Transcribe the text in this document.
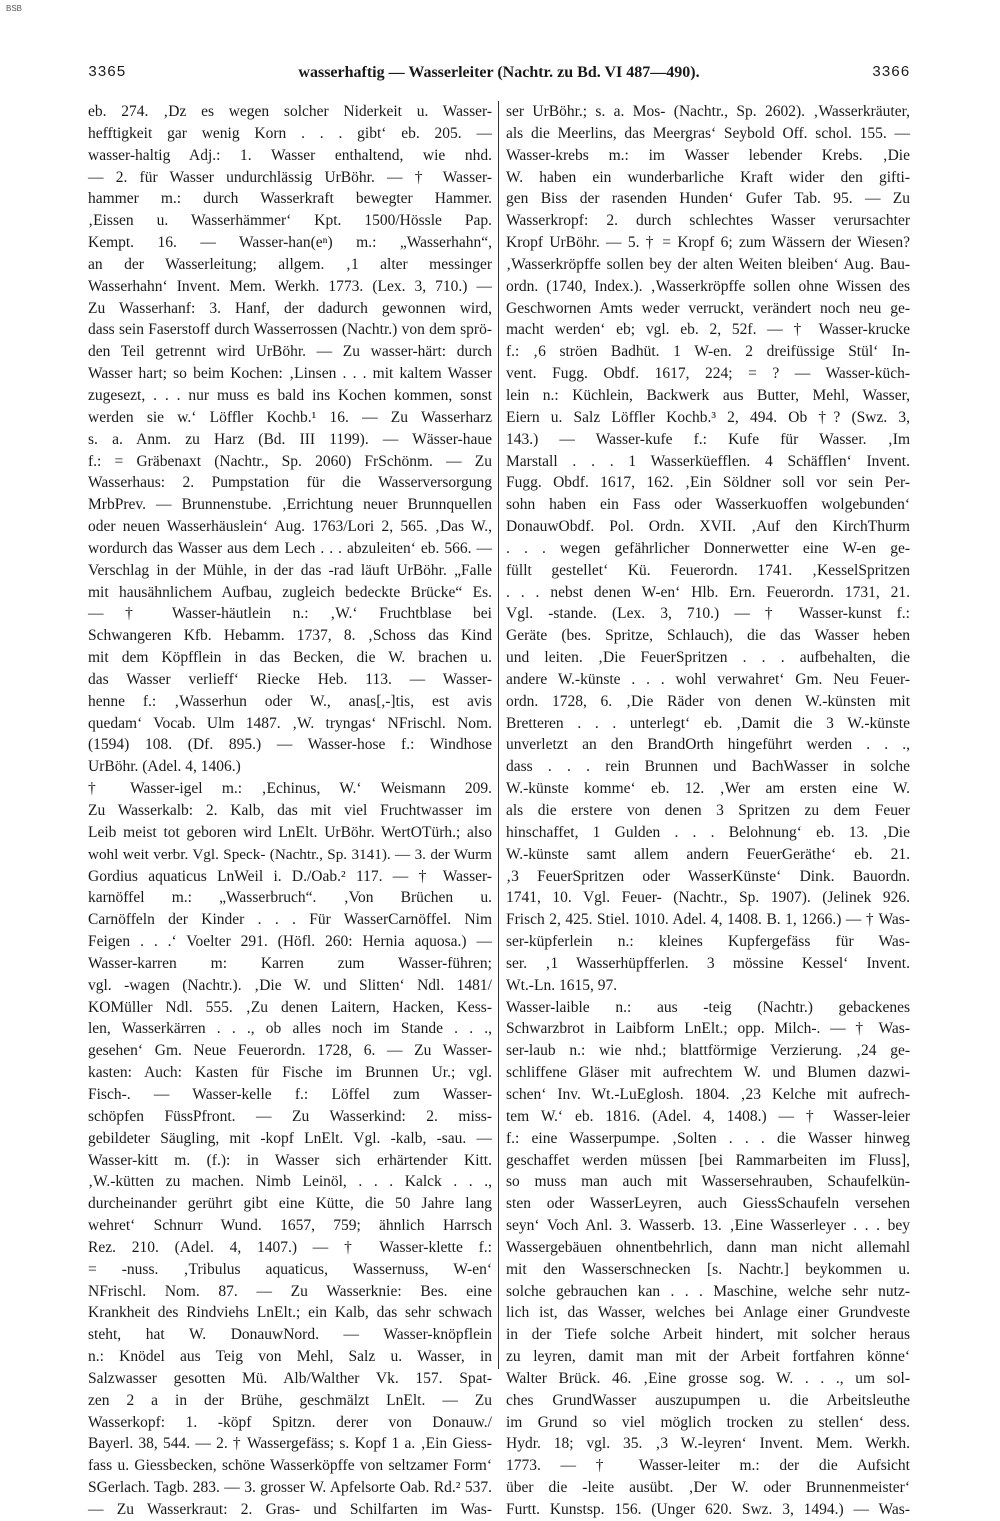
BSB
3365	wasserhaftig — Wasserleiter (Nachtr. zu Bd. VI 487—490).	3366
eb. 274. ‚Dz es wegen solcher Niderkeit u. Wasser-
hefftigkeit gar wenig Korn . . . gibt‘ eb. 205. —
wasser-haltig Adj.: 1. Wasser enthaltend, wie nhd.
— 2. für Wasser undurchlässig UrBöhr. — † Wasser-
hammer m.: durch Wasserkraft bewegter Hammer.
‚Eissen u. Wasserhämmer‘ Kpt. 1500/Hössle Pap.
Kempt. 16. — Wasser-han(eⁿ) m.: „Wasserhahn“,
an der Wasserleitung; allgem. ‚1 alter messinger
Wasserhahn‘ Invent. Mem. Werkh. 1773. (Lex. 3, 710.) —
Zu Wasserhanf: 3. Hanf, der dadurch gewonnen wird,
dass sein Faserstoff durch Wasserrossen (Nachtr.) von dem sprö-
den Teil getrennt wird UrBöhr. — Zu wasser-härt: durch
Wasser hart; so beim Kochen: ‚Linsen . . . mit kaltem Wasser
zugesezt, . . . nur muss es bald ins Kochen kommen, sonst
werden sie w.‘ Löffler Kochb.¹ 16. — Zu Wasserharz
s. a. Anm. zu Harz (Bd. III 1199). — Wässer-haue
f.: = Gräbenaxt (Nachtr., Sp. 2060) FrSchönm. — Zu
Wasserhaus: 2. Pumpstation für die Wasserversorgung
MrbPrev. — Brunnenstube. ‚Errichtung neuer Brunnquellen
oder neuen Wasserhäuslein‘ Aug. 1763/Lori 2, 565. ‚Das W.,
wordurch das Wasser aus dem Lech . . . abzuleiten‘ eb. 566. —
Verschlag in der Mühle, in der das -rad läuft UrBöhr. „Falle
mit hausähnlichem Aufbau, zugleich bedeckte Brücke“ Es.
— † Wasser-häutlein n.: ‚W.‘ Fruchtblase bei
Schwangeren Kfb. Hebamm. 1737, 8. ‚Schoss das Kind
mit dem Köpfflein in das Becken, die W. brachen u.
das Wasser verlieff‘ Riecke Heb. 113. — Wasser-
henne f.: ‚Wasserhun oder W., anas[,-]tis, est avis
quedam‘ Vocab. Ulm 1487. ‚W. tryngas‘ NFrischl. Nom.
(1594) 108. (Df. 895.) — Wasser-hose f.: Windhose
UrBöhr. (Adel. 4, 1406.)
† Wasser-igel m.: ‚Echinus, W.‘ Weismann 209.
Zu Wasserkalb: 2. Kalb, das mit viel Fruchtwasser im
Leib meist tot geboren wird LnElt. UrBöhr. WertOTürh.; also
wohl weit verbr. Vgl. Speck- (Nachtr., Sp. 3141). — 3. der Wurm
Gordius aquaticus LnWeil i. D./Oab.² 117. — † Wasser-
karnöffel m.: „Wasserbruch“. ‚Von Brüchen u.
Carnöffeln der Kinder . . . Für WasserCarnöffel. Nim
Feigen . . .‘ Voelter 291. (Höfl. 260: Hernia aquosa.) —
Wasser-karren m: Karren zum Wasser-führen;
vgl. -wagen (Nachtr.). ‚Die W. und Slitten‘ Ndl. 1481/
KOMüller Ndl. 555. ‚Zu denen Laitern, Hacken, Kess-
len, Wasserkärren . . ., ob alles noch im Stande . . .,
gesehen‘ Gm. Neue Feuerordn. 1728, 6. — Zu Wasser-
kasten: Auch: Kasten für Fische im Brunnen Ur.; vgl.
Fisch-. — Wasser-kelle f.: Löffel zum Wasser-
schöpfen FüssPfront. — Zu Wasserkind: 2. miss-
gebildeter Säugling, mit -kopf LnElt. Vgl. -kalb, -sau. —
Wasser-kitt m. (f.): in Wasser sich erhärtender Kitt.
‚W.-kütten zu machen. Nimb Leinöl, . . . Kalck . . .,
durcheinander gerührt gibt eine Kütte, die 50 Jahre lang
wehret‘ Schnurr Wund. 1657, 759; ähnlich Harrsch
Rez. 210. (Adel. 4, 1407.) — † Wasser-klette f.:
= -nuss. ‚Tribulus aquaticus, Wassernuss, W-en‘
NFrischl. Nom. 87. — Zu Wasserknie: Bes. eine
Krankheit des Rindviehs LnElt.; ein Kalb, das sehr schwach
steht, hat W. DonauwNord. — Wasser-knöpflein
n.: Knödel aus Teig von Mehl, Salz u. Wasser, in
Salzwasser gesotten Mü. Alb/Walther Vk. 157. Spat-
zen 2 a in der Brühe, geschmälzt LnElt. — Zu
Wasserkopf: 1. -köpf Spitzn. derer von Donauw./
Bayerl. 38, 544. — 2. † Wassergefäss; s. Kopf 1 a. ‚Ein Giess-
fass u. Giessbecken, schöne Wasserköpffe von seltzamer Form‘
SGerlach. Tagb. 283. — 3. grosser W. Apfelsorte Oab. Rd.² 537.
— Zu Wasserkraut: 2. Gras- und Schilfarten im Was-
ser UrBöhr.; s. a. Mos- (Nachtr., Sp. 2602). ‚Wasserkräuter,
als die Meerlins, das Meergras‘ Seybold Off. schol. 155. —
Wasser-krebs m.: im Wasser lebender Krebs. ‚Die
W. haben ein wunderbarliche Kraft wider den gifti-
gen Biss der rasenden Hunden‘ Gufer Tab. 95. — Zu
Wasserkropf: 2. durch schlechtes Wasser verursachter
Kropf UrBöhr. — 5. † = Kropf 6; zum Wässern der Wiesen?
‚Wasserkröpffe sollen bey der alten Weiten bleiben‘ Aug. Bau-
ordn. (1740, Index.). ‚Wasserkröpffe sollen ohne Wissen des
Geschwornen Amts weder verruckt, verändert noch neu ge-
macht werden‘ eb; vgl. eb. 2, 52f. — † Wasser-krucke
f.: ‚6 ströen Badhüt. 1 W-en. 2 dreifüssige Stül‘ In-
vent. Fugg. Obdf. 1617, 224; = ? — Wasser-küch-
lein n.: Küchlein, Backwerk aus Butter, Mehl, Wasser,
Eiern u. Salz Löffler Kochb.³ 2, 494. Ob †? (Swz. 3,
143.) — Wasser-kufe f.: Kufe für Wasser. ‚Im
Marstall . . . 1 Wasserküefflen. 4 Schäfflen‘ Invent.
Fugg. Obdf. 1617, 162. ‚Ein Söldner soll vor sein Per-
sohn haben ein Fass oder Wasserkuoffen wolgebunden‘
DonauwObdf. Pol. Ordn. XVII. ‚Auf den KirchThurm
. . . wegen gefährlicher Donnerwetter eine W-en ge-
füllt gestellet‘ Kü. Feuerordn. 1741. ‚KesselSpritzen
. . . nebst denen W-en‘ Hlb. Ern. Feuerordn. 1731, 21.
Vgl. -stande. (Lex. 3, 710.) — † Wasser-kunst f.:
Geräte (bes. Spritze, Schlauch), die das Wasser heben
und leiten. ‚Die FeuerSpritzen . . . aufbehalten, die
andere W.-künste . . . wohl verwahret‘ Gm. Neu Feuer-
ordn. 1728, 6. ‚Die Räder von denen W.-künsten mit
Bretteren . . . unterlegt‘ eb. ‚Damit die 3 W.-künste
unverletzt an den BrandOrth hingeführt werden . . .,
dass . . . rein Brunnen und BachWasser in solche
W.-künste komme‘ eb. 12. ‚Wer am ersten eine W.
als die erstere von denen 3 Spritzen zu dem Feuer
hinschaffet, 1 Gulden . . . Belohnung‘ eb. 13. ‚Die
W.-künste samt allem andern FeuerGeräthe‘ eb. 21.
‚3 FeuerSpritzen oder WasserKünste‘ Dink. Bauordn.
1741, 10. Vgl. Feuer- (Nachtr., Sp. 1907). (Jelinek 926.
Frisch 2, 425. Stiel. 1010. Adel. 4, 1408. B. 1, 1266.) — † Was-
ser-küpferlein n.: kleines Kupfergefäss für Was-
ser. ‚1 Wasserhüpfferlen. 3 mössine Kessel‘ Invent.
Wt.-Ln. 1615, 97.
Wasser-laible n.: aus -teig (Nachtr.) gebackenes
Schwarzbrot in Laibform LnElt.; opp. Milch-. — † Was-
ser-laub n.: wie nhd.; blattförmige Verzierung. ‚24 ge-
schliffene Gläser mit aufrechtem W. und Blumen dazwi-
schen‘ Inv. Wt.-LuEglosh. 1804. ‚23 Kelche mit aufrech-
tem W.‘ eb. 1816. (Adel. 4, 1408.) — † Wasser-leier
f.: eine Wasserpumpe. ‚Solten . . . die Wasser hinweg
geschaffet werden müssen [bei Rammarbeiten im Fluss],
so muss man auch mit Wassersehrauben, Schaufelkün-
sten oder WasserLeyren, auch GiessSchaufeln versehen
seyn‘ Voch Anl. 3. Wasserb. 13. ‚Eine Wasserleyer . . . bey
Wassergebäuen ohnentbehrlich, dann man nicht allemahl
mit den Wasserschnecken [s. Nachtr.] beykommen u.
solche gebrauchen kan . . . Maschine, welche sehr nutz-
lich ist, das Wasser, welches bei Anlage einer Grundveste
in der Tiefe solche Arbeit hindert, mit solcher heraus
zu leyren, damit man mit der Arbeit fortfahren könne‘
Walter Brück. 46. ‚Eine grosse sog. W. . . ., um sol-
ches GrundWasser auszupumpen u. die Arbeitsleuthe
im Grund so viel möglich trocken zu stellen‘ dess.
Hydr. 18; vgl. 35. ‚3 W.-leyren‘ Invent. Mem. Werkh.
1773. — † Wasser-leiter m.: der die Aufsicht
über die -leite ausübt. ‚Der W. oder Brunnenmeister‘
Furtt. Kunstsp. 156. (Unger 620. Swz. 3, 1494.) — Was-
